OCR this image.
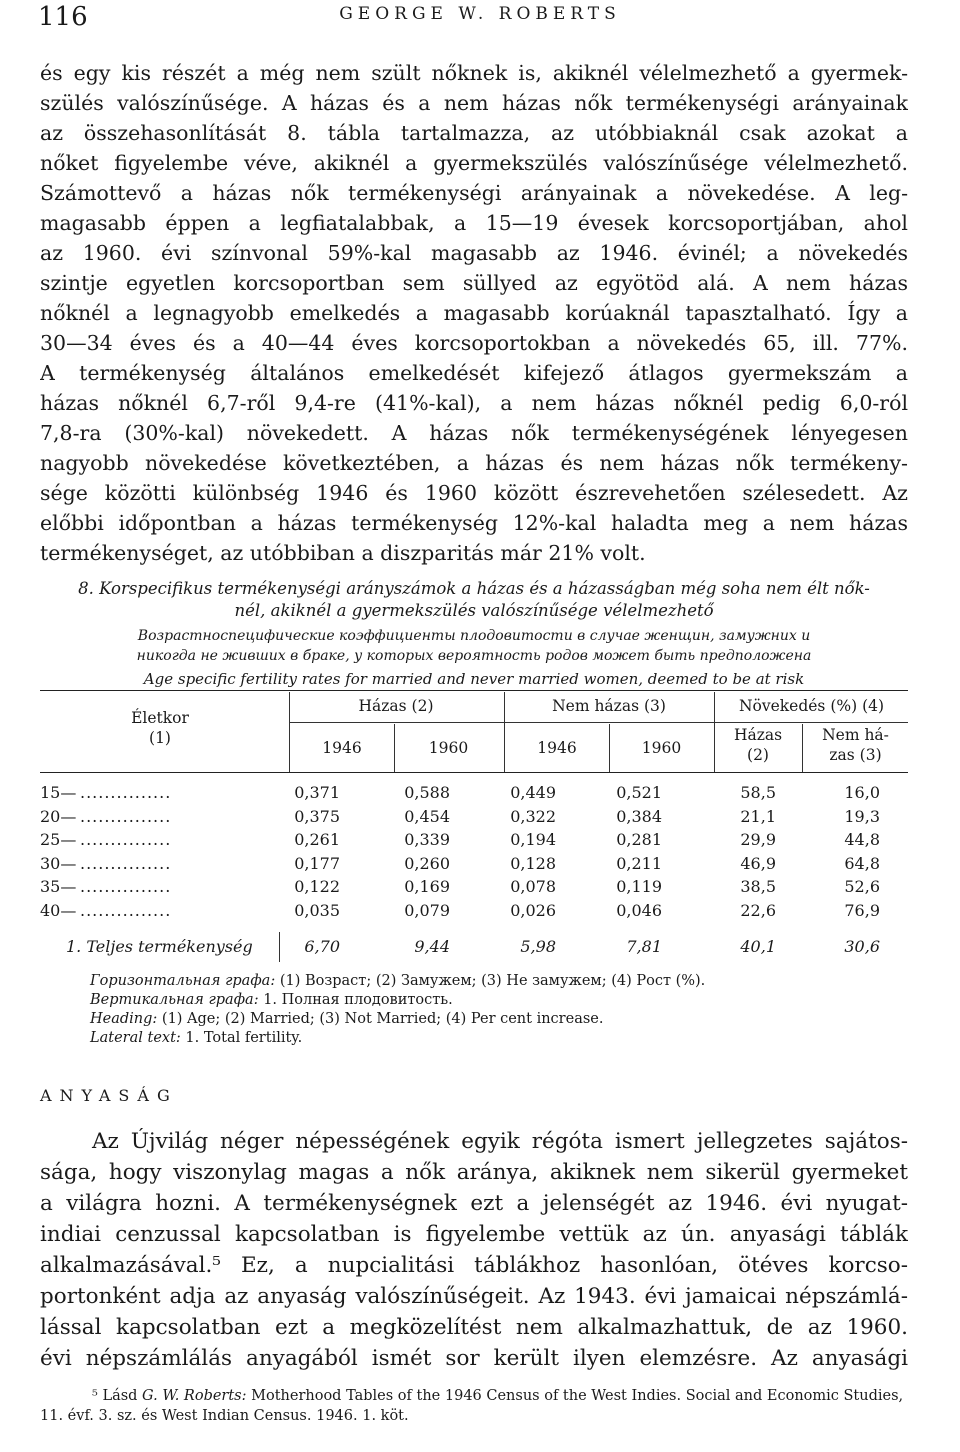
116	GEORGE W. ROBERTS
és egy kis részét a még nem szült nőknek is, akiknél vélelmezhető a gyermek-
szülés valószínűsége. A házas és a nem házas nők termékenységi arányainak
az összehasonlítását 8. tábla tartalmazza, az utóbbiaknál csak azokat a
nőket figyelembe véve, akiknél a gyermekszülés valószínűsége vélelmezhető.
Számottevő a házas nők termékenységi arányainak a növekedése. A leg-
magasabb éppen a legfiatalabbak, a 15—19 évesek korcsoportjában, ahol
az 1960. évi színvonal 59%-kal magasabb az 1946. évinél; a növekedés
szintje egyetlen korcsoportban sem süllyed az egyötöd alá. A nem házas
nőknél a legnagyobb emelkedés a magasabb korúaknál tapasztalható. Így a
30—34 éves és a 40—44 éves korcsoportokban a növekedés 65, ill. 77%.
A termékenység általános emelkedését kifejező átlagos gyermekszám a
házas nőknél 6,7-ről 9,4-re (41%-kal), a nem házas nőknél pedig 6,0-ról
7,8-ra (30%-kal) növekedett. A házas nők termékenységének lényegesen
nagyobb növekedése következtében, a házas és nem házas nők termékeny-
sége közötti különbség 1946 és 1960 között észrevehetően szélesedett. Az
előbbi időpontban a házas termékenység 12%-kal haladta meg a nem házas
termékenységet, az utóbbiban a diszparitás már 21% volt.
8. Korspecifikus termékenységi arányszámok a házas és a házasságban még soha nem élt nők-
nél, akiknél a gyermekszülés valószínűsége vélelmezhető
Возрастноспецифические коэффициенты плодовитости в случае женщин, замужних и
никогда не живших в браке, у которых вероятность родов может быть предположена
Age specific fertility rates for married and never married women, deemed to be at risk
Életkor
(1)
Házas (2)	Nem házas (3)	Növekedés (%) (4)
1946	1960	1946	1960
Házas
(2)
Nem há-
zas (3)
15— ...............	0,371	0,588	0,449	0,521	58,5	16,0
20— ...............	0,375	0,454	0,322	0,384	21,1	19,3
25— ...............	0,261	0,339	0,194	0,281	29,9	44,8
30— ...............	0,177	0,260	0,128	0,211	46,9	64,8
35— ...............	0,122	0,169	0,078	0,119	38,5	52,6
40— ...............	0,035	0,079	0,026	0,046	22,6	76,9
1. Teljes termékenység	6,70	9,44	5,98	7,81	40,1	30,6
Горизонтальная графа: (1) Возраст; (2) Замужем; (3) Не замужем; (4) Рост (%).
Вертикальная графа: 1. Полная плодовитость.
Heading: (1) Age; (2) Married; (3) Not Married; (4) Per cent increase.
Lateral text: 1. Total fertility.
ANYASÁG
Az Újvilág néger népességének egyik régóta ismert jellegzetes sajátos-
sága, hogy viszonylag magas a nők aránya, akiknek nem sikerül gyermeket
a világra hozni. A termékenységnek ezt a jelenségét az 1946. évi nyugat-
indiai cenzussal kapcsolatban is figyelembe vettük az ún. anyasági táblák
alkalmazásával.⁵ Ez, a nupcialitási táblákhoz hasonlóan, ötéves korcso-
portonként adja az anyaság valószínűségeit. Az 1943. évi jamaicai népszámlá-
lással kapcsolatban ezt a megközelítést nem alkalmazhattuk, de az 1960.
évi népszámlálás anyagából ismét sor került ilyen elemzésre. Az anyasági
⁵ Lásd G. W. Roberts: Motherhood Tables of the 1946 Census of the West Indies. Social and Economic Studies, 11. évf. 3. sz. és West Indian Census. 1946. 1. köt.
